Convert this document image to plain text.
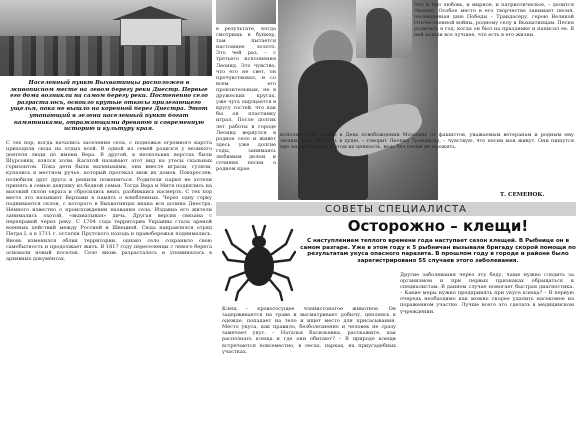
Населенный пункт Выхватинцы расположен в живописном месте на левом берегу реки Днестр. Первые его дома возникли на самом берегу реки. Постепенно село разрасталось, освоило крутые откосы прилегающего ущелья, пока не вышло на коренной берег Днестра. Этот утопающий в зелени населенный пункт богат памятниками, отражающими древнюю и современную историю и культуру края.
С тех пор, когда начались заселения села, с подножья огромного карста приходили сюда на отдых всей. В одной из семей родился у великого деятеля люди по имени Вера. В другой, в нескольких верстах были Шурсовки, взялся холм. Кагатой называют этот вид на утесы скальных горизонтов. Пока дети были маленькими, они вместе играли, гуляли, купались в местном ручье, который протекал меж их домов. Повзрослев, полюбили друг друга и решили пожениться. Родители парня не хотели принять в семью девушку из бедной семьи. Тогда Вера и Митя поднялись на высокий склон оврага и сбросились вниз, разбившись насмерть. С тех пор место это называют Верхами в память о влюбленных. Через одну горку поднимается склон, с которого в Выхватинцах видна вся долина Днестра. Немного известно о происхождении названия села. Издавна его жители занимались охотой, «выхватывая» дичь. Другая версия связана с переправой через реку. С 1704 года территория Украины стала ареной военных действий между Россией и Швецией. Сюда направлялся отряд Петра I, а в 1711 г. остатки Прутского похода и правобережья поднимались. Вновь изменился облик территории, однако село сохранило свою самобытность и продолжает жить. В 1817 году переселенцы с левого берега основали новый поселок. Село вновь разрасталось и упоминалось в архивных документах.
в результате, когда смотришь в бункер, там пытается настоящее золото. Это чей раз, – с третьего исполнения Леонид. Это чувство, что его не свет, он прочувствовал, и со всем его пронзительным, не в дружеских кругах, уже чуть ощущается в кругу гостей, что как бы он пластинку играл. После долгих лет работы в городе Леонид вернулся в родное село и живет здесь уже долгие годы, занимаясь любимым делом и сочиняя песни о родном крае.
Это и про любовь, и мирное, и патриотическое, – делится Леонид. Особое место в его творчестве занимает песня, посвященная дню Победы – Трандасеру, герою Великой Отечественной войны, родному селу и Выхватинцам. Песня родилась в год, когда он был на празднике и написал ее. В ней нашли все лучшее, что есть в его жизни.
исполнял эту песню в День освобождения Молдовы от фашистов, уважаемым ветеранам и родным ему людям. Все, что есть в душе, – говорит Леонид Трандасер, – чувствую, что песни мои живут. Они пишутся про нашу жизнь и в этом их ценность, ведь без песни не прожить.
Т. СЕМЕНОК.
СОВЕТЫ СПЕЦИАЛИСТА
Осторожно – клещи!
С наступлением теплого времени года наступает сезон клещей. В Рыбнице он в самом разгаре. Уже в этом году к 5 рыбничан вызывали бригаду скорой помощи по результатам укуса опасного паразита. В прошлом году в городе и районе было зарегистрировано 55 случаев этого заболевания.
Клещ – кровососущее членистоногое животное. Он задерживается на траве и высматривает добычу, цепляясь к одежде, попадает на тело и ищет место для присасывания. Место укуса, как правило, безболезненно и человек не сразу замечает укус. – Наталья Васильевна, расскажите, как распознать клеща и где они обитают? – В природе клещи встречаются повсеместно, в лесах, парках, на приусадебных участках.
Другие заболевания через эту беду, чаще нужно следить за организмом и при первых признаках обращаться к специалистам. В данном случае помогает быстрая диагностика. – Какие меры нужно предпринять при укусе клеща? – В первую очередь необходимо как можно скорее удалить насекомое на пораженном участке. Лучше всего это сделать в медицинском учреждении.
